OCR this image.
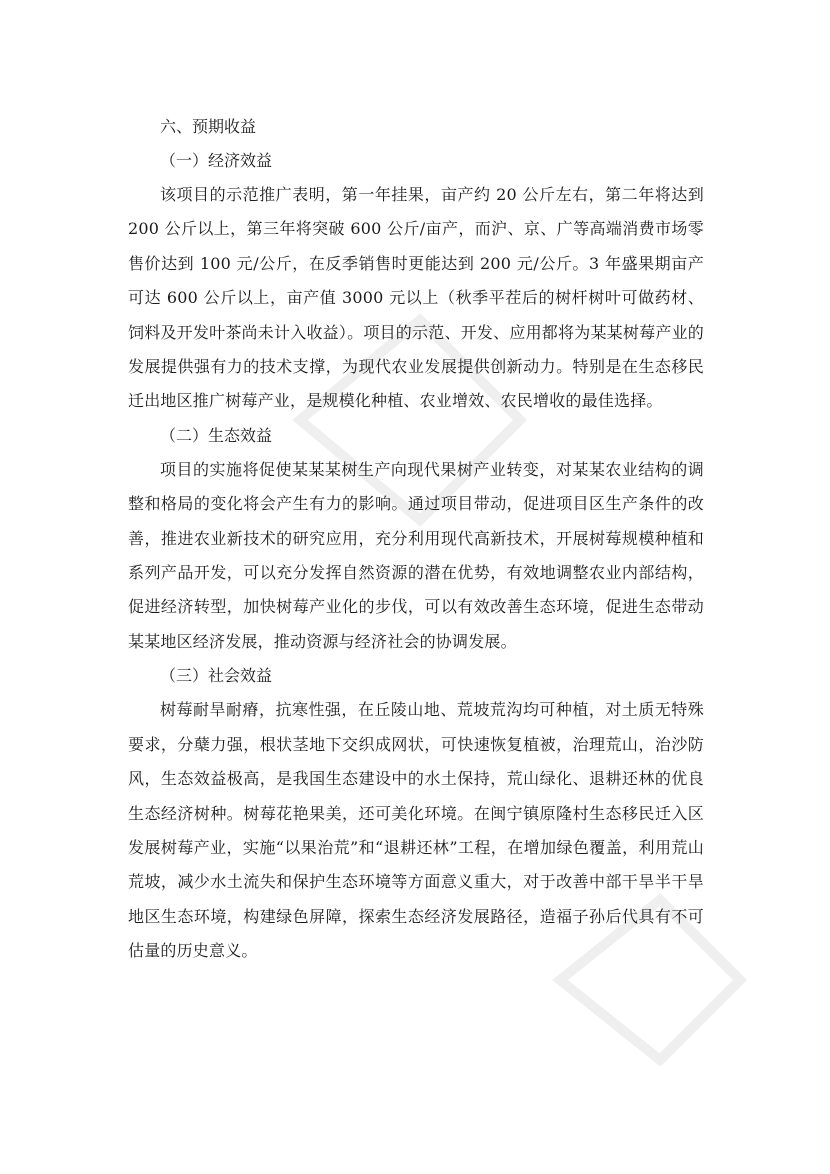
六、预期收益

（一）经济效益

该项目的示范推广表明，第一年挂果，亩产约 20 公斤左右，第二年将达到 200 公斤以上，第三年将突破 600 公斤/亩产，而沪、京、广等高端消费市场零售价达到 100 元/公斤，在反季销售时更能达到 200 元/公斤。3 年盛果期亩产可达 600 公斤以上，亩产值 3000 元以上（秋季平茬后的树杆树叶可做药材、饲料及开发叶茶尚未计入收益）。项目的示范、开发、应用都将为某某树莓产业的发展提供强有力的技术支撑，为现代农业发展提供创新动力。特别是在生态移民迁出地区推广树莓产业，是规模化种植、农业增效、农民增收的最佳选择。

（二）生态效益

项目的实施将促使某某某树生产向现代果树产业转变，对某某农业结构的调整和格局的变化将会产生有力的影响。通过项目带动，促进项目区生产条件的改善，推进农业新技术的研究应用，充分利用现代高新技术，开展树莓规模种植和系列产品开发，可以充分发挥自然资源的潜在优势，有效地调整农业内部结构，促进经济转型，加快树莓产业化的步伐，可以有效改善生态环境，促进生态带动某某地区经济发展，推动资源与经济社会的协调发展。

（三）社会效益

树莓耐旱耐瘠，抗寒性强，在丘陵山地、荒坡荒沟均可种植，对土质无特殊要求，分蘖力强，根状茎地下交织成网状，可快速恢复植被，治理荒山，治沙防风，生态效益极高，是我国生态建设中的水土保持，荒山绿化、退耕还林的优良生态经济树种。树莓花艳果美，还可美化环境。在闽宁镇原隆村生态移民迁入区发展树莓产业，实施“以果治荒”和“退耕还林”工程，在增加绿色覆盖，利用荒山荒坡，减少水土流失和保护生态环境等方面意义重大，对于改善中部干旱半干旱地区生态环境，构建绿色屏障，探索生态经济发展路径，造福子孙后代具有不可估量的历史意义。
